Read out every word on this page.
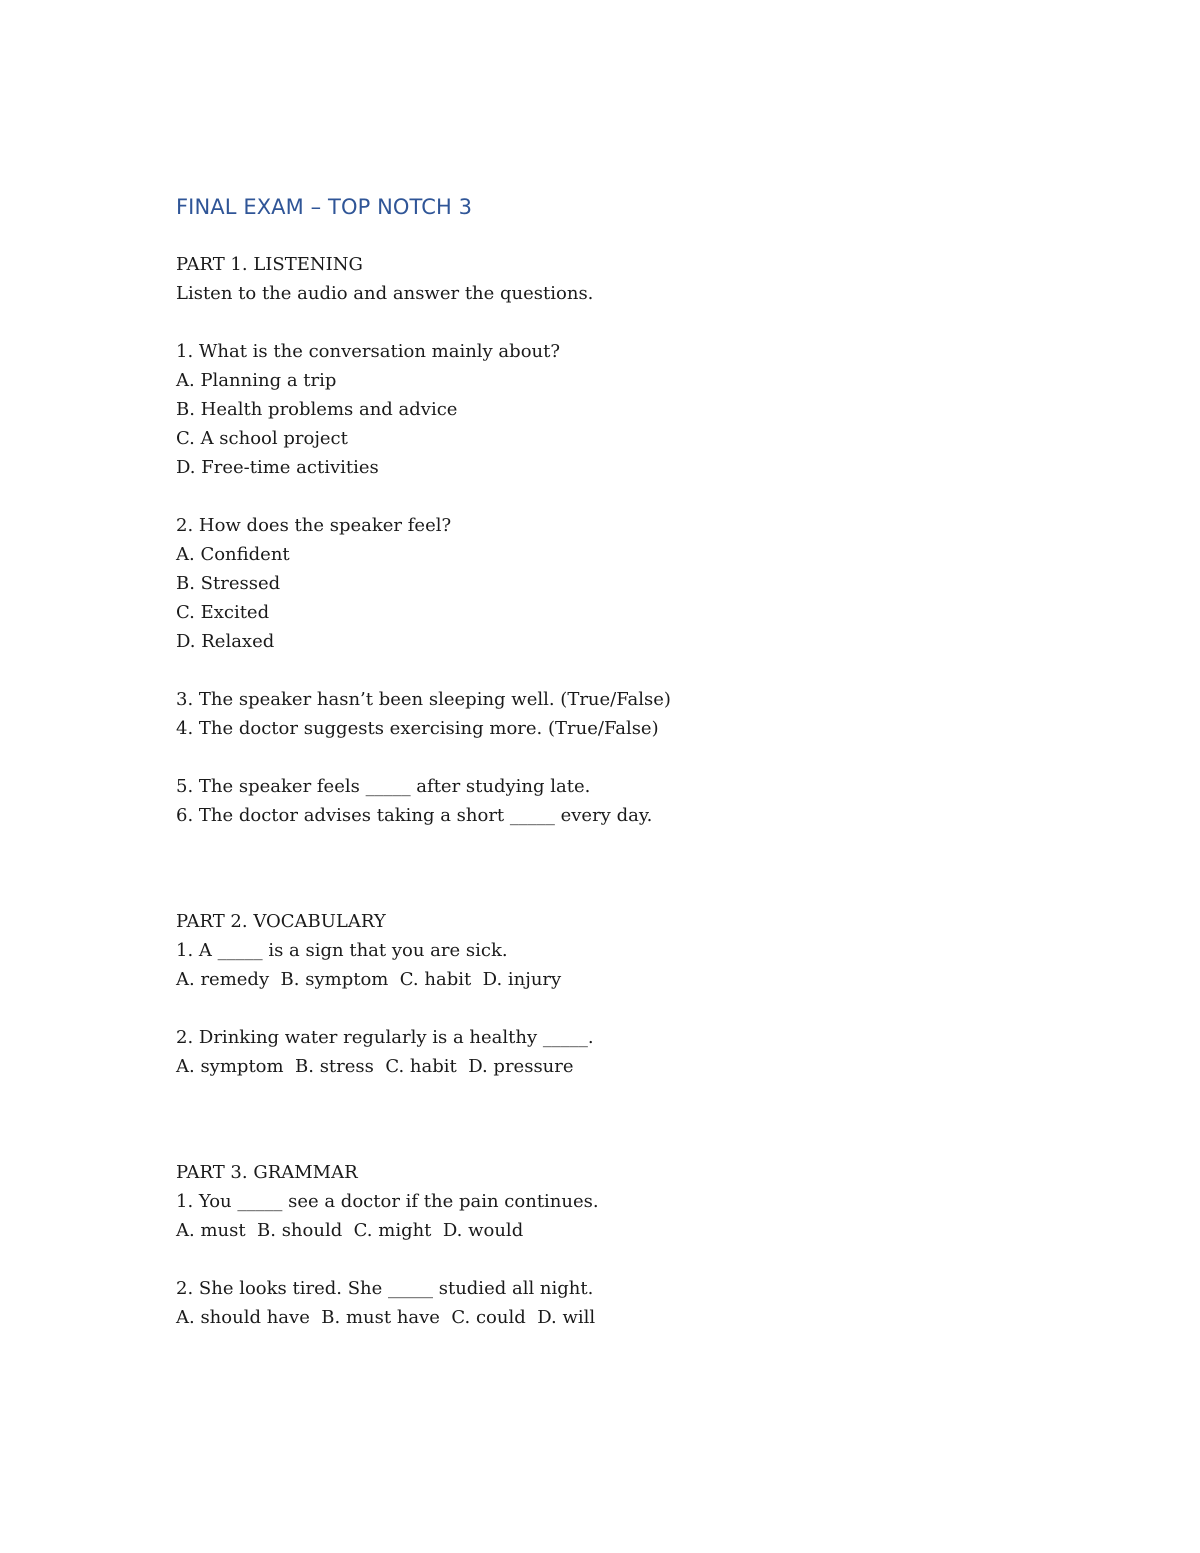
FINAL EXAM – TOP NOTCH 3
PART 1. LISTENING
Listen to the audio and answer the questions.
1. What is the conversation mainly about?
A. Planning a trip
B. Health problems and advice
C. A school project
D. Free-time activities
2. How does the speaker feel?
A. Confident
B. Stressed
C. Excited
D. Relaxed
3. The speaker hasn’t been sleeping well. (True/False)
4. The doctor suggests exercising more. (True/False)
5. The speaker feels _____ after studying late.
6. The doctor advises taking a short _____ every day.
PART 2. VOCABULARY
1. A _____ is a sign that you are sick.
A. remedy  B. symptom  C. habit  D. injury
2. Drinking water regularly is a healthy _____.
A. symptom  B. stress  C. habit  D. pressure
PART 3. GRAMMAR
1. You _____ see a doctor if the pain continues.
A. must  B. should  C. might  D. would
2. She looks tired. She _____ studied all night.
A. should have  B. must have  C. could  D. will
